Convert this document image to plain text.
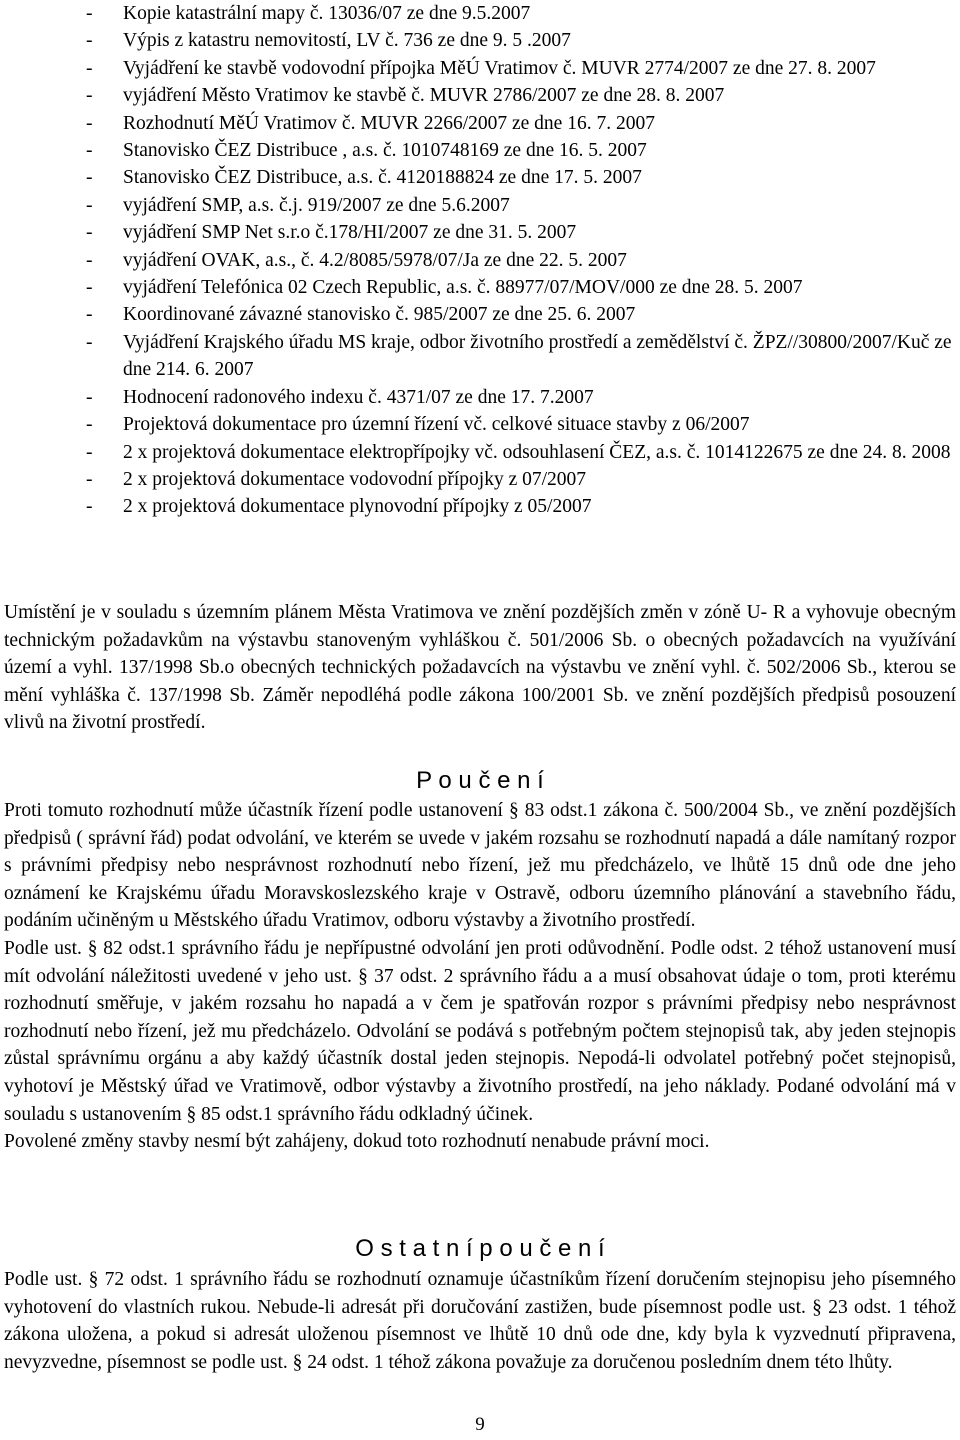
- Kopie katastrální mapy č. 13036/07 ze dne 9.5.2007
- Výpis z katastru nemovitostí, LV č. 736 ze dne 9. 5 .2007
- Vyjádření ke stavbě vodovodní přípojka MěÚ Vratimov č. MUVR 2774/2007 ze dne 27. 8. 2007
- vyjádření Město Vratimov ke stavbě č. MUVR 2786/2007 ze dne 28. 8. 2007
- Rozhodnutí MěÚ Vratimov č. MUVR 2266/2007 ze dne 16. 7. 2007
- Stanovisko ČEZ Distribuce , a.s. č. 1010748169 ze dne 16. 5. 2007
- Stanovisko ČEZ Distribuce, a.s. č. 4120188824 ze dne 17. 5. 2007
- vyjádření SMP, a.s. č.j. 919/2007 ze dne 5.6.2007
- vyjádření SMP Net s.r.o č.178/HI/2007 ze dne 31. 5. 2007
- vyjádření OVAK, a.s., č. 4.2/8085/5978/07/Ja ze dne 22. 5. 2007
- vyjádření Telefónica 02 Czech Republic, a.s. č. 88977/07/MOV/000 ze dne 28. 5. 2007
- Koordinované závazné stanovisko č. 985/2007 ze dne 25. 6. 2007
- Vyjádření Krajského úřadu MS kraje, odbor životního prostředí a zemědělství č. ŽPZ//30800/2007/Kuč ze dne 214. 6. 2007
- Hodnocení radonového indexu č. 4371/07 ze dne 17. 7.2007
- Projektová dokumentace pro územní řízení vč. celkové situace stavby z 06/2007
- 2 x projektová dokumentace elektropřípojky vč. odsouhlasení ČEZ, a.s. č. 1014122675 ze dne 24. 8. 2008
- 2 x projektová dokumentace vodovodní přípojky z 07/2007
- 2 x projektová dokumentace plynovodní přípojky z 05/2007

Umístění je v souladu s územním plánem Města Vratimova ve znění pozdějších změn v zóně U- R a vyhovuje obecným technickým požadavkům na výstavbu stanoveným vyhláškou č. 501/2006 Sb. o obecných požadavcích na využívání území a vyhl. 137/1998 Sb.o obecných technických požadavcích na výstavbu ve znění vyhl. č. 502/2006 Sb., kterou se mění vyhláška č. 137/1998 Sb. Záměr nepodléhá podle zákona 100/2001 Sb. ve znění pozdějších předpisů posouzení vlivů na životní prostředí.

P o u č e n í

Proti tomuto rozhodnutí může účastník řízení podle ustanovení § 83 odst.1 zákona č. 500/2004 Sb., ve znění pozdějších předpisů ( správní řád) podat odvolání, ve kterém se uvede v jakém rozsahu se rozhodnutí napadá a dále namítaný rozpor s právními předpisy nebo nesprávnost rozhodnutí nebo řízení, jež mu předcházelo, ve lhůtě 15 dnů ode dne jeho oznámení ke Krajskému úřadu Moravskoslezského kraje v Ostravě, odboru územního plánování a stavebního řádu, podáním učiněným u Městského úřadu Vratimov, odboru výstavby a životního prostředí.

Podle ust. § 82 odst.1 správního řádu je nepřípustné odvolání jen proti odůvodnění. Podle odst. 2 téhož ustanovení musí mít odvolání náležitosti uvedené v jeho ust. § 37 odst. 2 správního řádu a a musí obsahovat údaje o tom, proti kterému rozhodnutí směřuje, v jakém rozsahu ho napadá a v čem je spatřován rozpor s právními předpisy nebo nesprávnost rozhodnutí nebo řízení, jež mu předcházelo. Odvolání se podává s potřebným počtem stejnopisů tak, aby jeden stejnopis zůstal správnímu orgánu a aby každý účastník dostal jeden stejnopis. Nepodá-li odvolatel potřebný počet stejnopisů, vyhotoví je Městský úřad ve Vratimově, odbor výstavby a životního prostředí, na jeho náklady. Podané odvolání má v souladu s ustanovením § 85 odst.1 správního řádu odkladný účinek.

Povolené změny stavby nesmí být zahájeny, dokud toto rozhodnutí nenabude právní moci.

O s t a t n í p o u č e n í

Podle ust. § 72 odst. 1 správního řádu se rozhodnutí oznamuje účastníkům řízení doručením stejnopisu jeho písemného vyhotovení do vlastních rukou. Nebude-li adresát při doručování zastižen, bude písemnost podle ust. § 23 odst. 1 téhož zákona uložena, a pokud si adresát uloženou písemnost ve lhůtě 10 dnů ode dne, kdy byla k vyzvednutí připravena, nevyzvedne, písemnost se podle ust. § 24 odst. 1 téhož zákona považuje za doručenou posledním dnem této lhůty.

9
